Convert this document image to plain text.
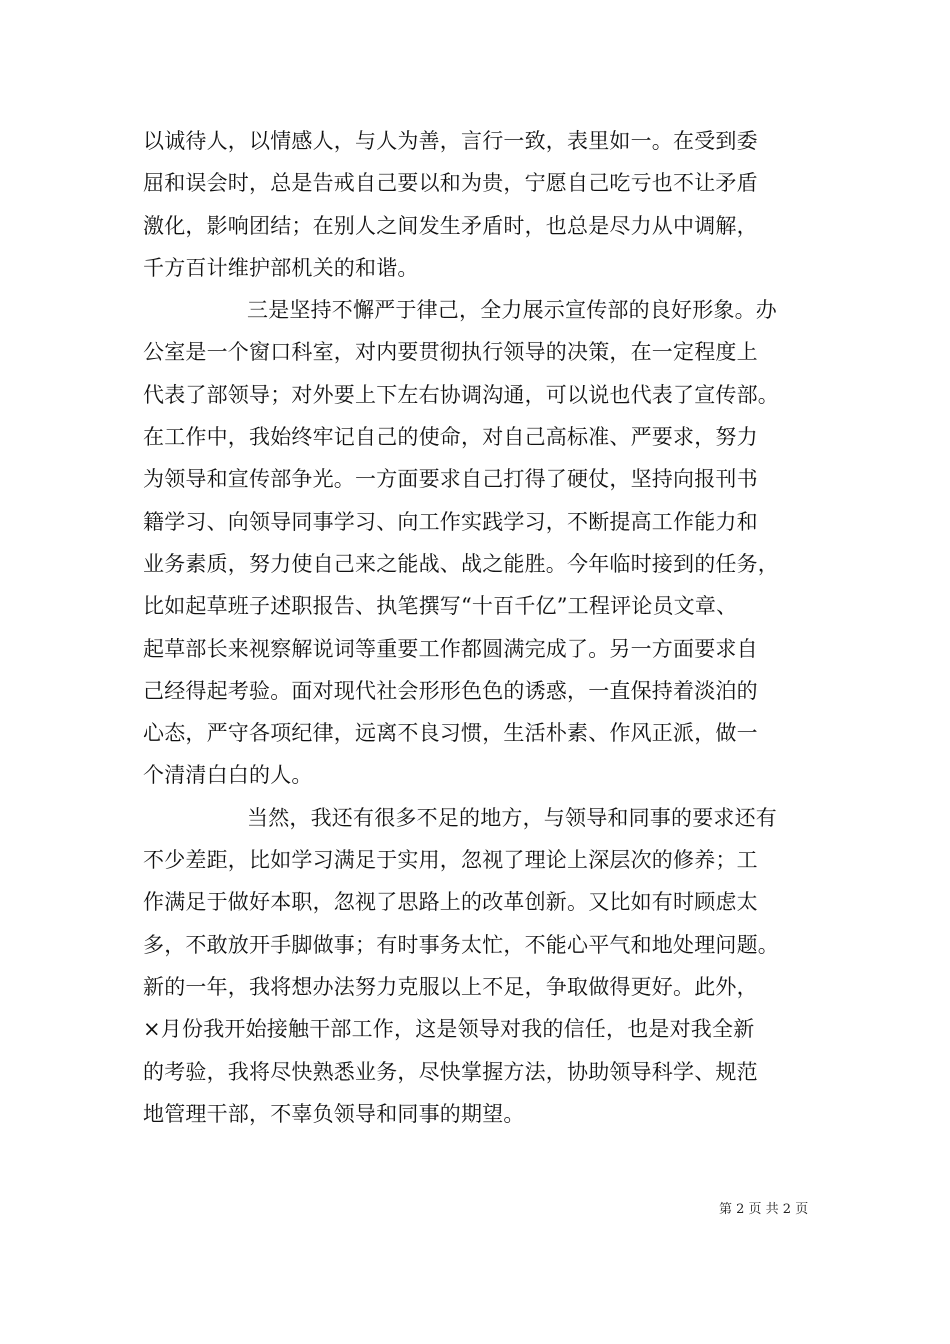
以诚待人，以情感人，与人为善，言行一致，表里如一。在受到委
屈和误会时，总是告戒自己要以和为贵，宁愿自己吃亏也不让矛盾
激化，影响团结；在别人之间发生矛盾时，也总是尽力从中调解，
千方百计维护部机关的和谐。
三是坚持不懈严于律己，全力展示宣传部的良好形象。办
公室是一个窗口科室，对内要贯彻执行领导的决策，在一定程度上
代表了部领导；对外要上下左右协调沟通，可以说也代表了宣传部。
在工作中，我始终牢记自己的使命，对自己高标准、严要求，努力
为领导和宣传部争光。一方面要求自己打得了硬仗，坚持向报刊书
籍学习、向领导同事学习、向工作实践学习，不断提高工作能力和
业务素质，努力使自己来之能战、战之能胜。今年临时接到的任务，
比如起草班子述职报告、执笔撰写“十百千亿”工程评论员文章、
起草部长来视察解说词等重要工作都圆满完成了。另一方面要求自
己经得起考验。面对现代社会形形色色的诱惑，一直保持着淡泊的
心态，严守各项纪律，远离不良习惯，生活朴素、作风正派，做一
个清清白白的人。
当然，我还有很多不足的地方，与领导和同事的要求还有
不少差距，比如学习满足于实用，忽视了理论上深层次的修养；工
作满足于做好本职，忽视了思路上的改革创新。又比如有时顾虑太
多，不敢放开手脚做事；有时事务太忙，不能心平气和地处理问题。
新的一年，我将想办法努力克服以上不足，争取做得更好。此外，
×月份我开始接触干部工作，这是领导对我的信任，也是对我全新
的考验，我将尽快熟悉业务，尽快掌握方法，协助领导科学、规范
地管理干部，不辜负领导和同事的期望。
第 2 页 共 2 页
